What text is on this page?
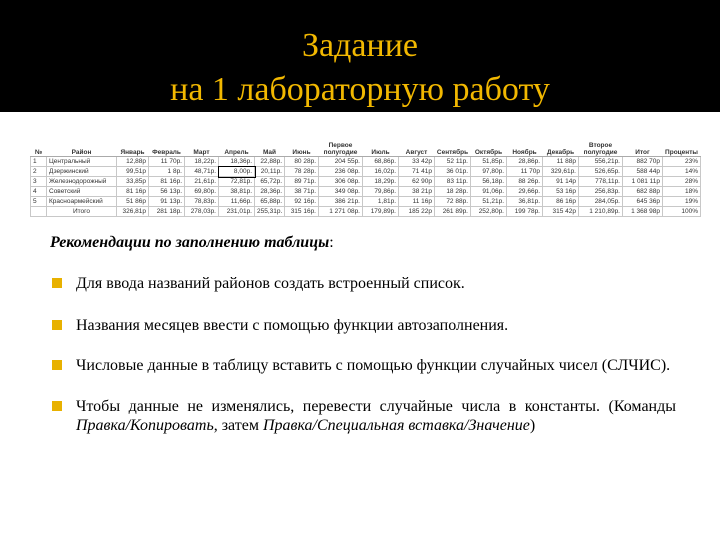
Задание
на 1 лабораторную работу
№	Район	Январь	Февраль	Март	Апрель	Май	Июнь	Первое полугодие	Июль	Август	Сентябрь	Октябрь	Ноябрь	Декабрь	Второе полугодие	Итог	Проценты
1	Центральный	12,88р	11 70р.	18,22р.	18,36р.	22,88р.	80 28р.	204 55р.	68,86р.	33 42р	52 11р.	51,85р.	28,86р.	11 88р	556,21р.	882 70р	23%
2	Дзержинский	99,51р	1 8р.	48,71р.	8,00р.	20,11р.	78 28р.	236 08р.	16,02р.	71 41р	36 01р.	97,80р.	11 70р	329,61р.	526,65р.	588 44р	14%
3	Железнодорожный	33,85р	81 16р.	21,61р.	72,81р.	65,72р.	89 71р.	306 08р.	18,29р.	62 90р	83 11р.	56,18р.	88 26р.	91 14р	778,11р.	1 081 11р	28%
4	Советский	81 16р	56 13р.	69,80р.	38,81р.	28,36р.	38 71р.	349 08р.	79,86р.	38 21р	18 28р.	91,06р.	29,66р.	53 16р	256,83р.	682 88р	18%
5	Красноармейский	51 86р	91 13р.	78,83р.	11,66р.	65,88р.	92 16р.	386 21р.	1,81р.	11 16р	72 88р.	51,21р.	36,81р.	86 16р	284,05р.	645 36р	19%
	Итого	326,81р	281 18р.	278,03р.	231,01р.	255,31р.	315 16р.	1 271 08р.	179,89р.	185 22р	261 89р.	252,80р.	199 78р.	315 42р	1 210,89р.	1 368 98р	100%
Рекомендации по заполнению таблицы:
Для ввода названий районов создать встроенный список.
Названия месяцев ввести с помощью функции автозаполнения.
Числовые данные в таблицу вставить с помощью функции случайных чисел (СЛЧИС).
Чтобы данные не изменялись, перевести случайные числа в константы. (Команды Правка/Копировать, затем Правка/Специальная вставка/Значение)
